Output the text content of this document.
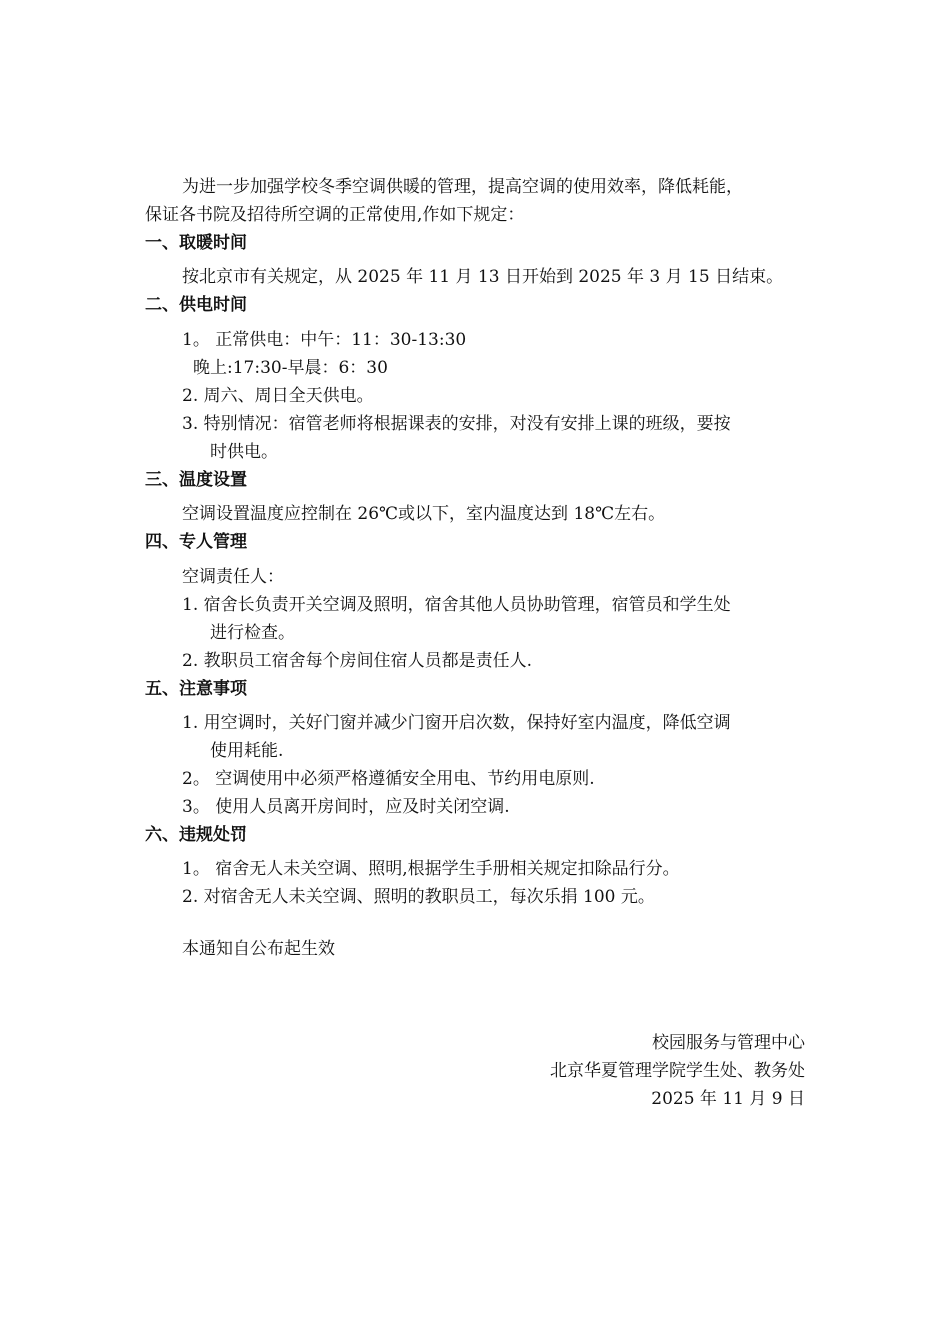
为进一步加强学校冬季空调供暖的管理，提高空调的使用效率，降低耗能，
保证各书院及招待所空调的正常使用,作如下规定：
一、取暖时间
按北京市有关规定，从 2025 年 11 月 13 日开始到 2025 年 3 月 15 日结束。
二、供电时间
1。 正常供电：中午：11：30-13:30
晚上:17:30-早晨：6：30
2. 周六、周日全天供电。
3. 特别情况：宿管老师将根据课表的安排，对没有安排上课的班级，要按
时供电。
三、温度设置
空调设置温度应控制在 26℃或以下，室内温度达到 18℃左右。
四、专人管理
空调责任人：
1. 宿舍长负责开关空调及照明，宿舍其他人员协助管理，宿管员和学生处
进行检查。
2. 教职员工宿舍每个房间住宿人员都是责任人.
五、注意事项
1. 用空调时，关好门窗并减少门窗开启次数，保持好室内温度，降低空调
使用耗能.
2。 空调使用中必须严格遵循安全用电、节约用电原则.
3。 使用人员离开房间时，应及时关闭空调.
六、违规处罚
1。 宿舍无人未关空调、照明,根据学生手册相关规定扣除品行分。
2. 对宿舍无人未关空调、照明的教职员工，每次乐捐 100 元。
本通知自公布起生效
校园服务与管理中心
北京华夏管理学院学生处、教务处
2025 年 11 月 9 日
